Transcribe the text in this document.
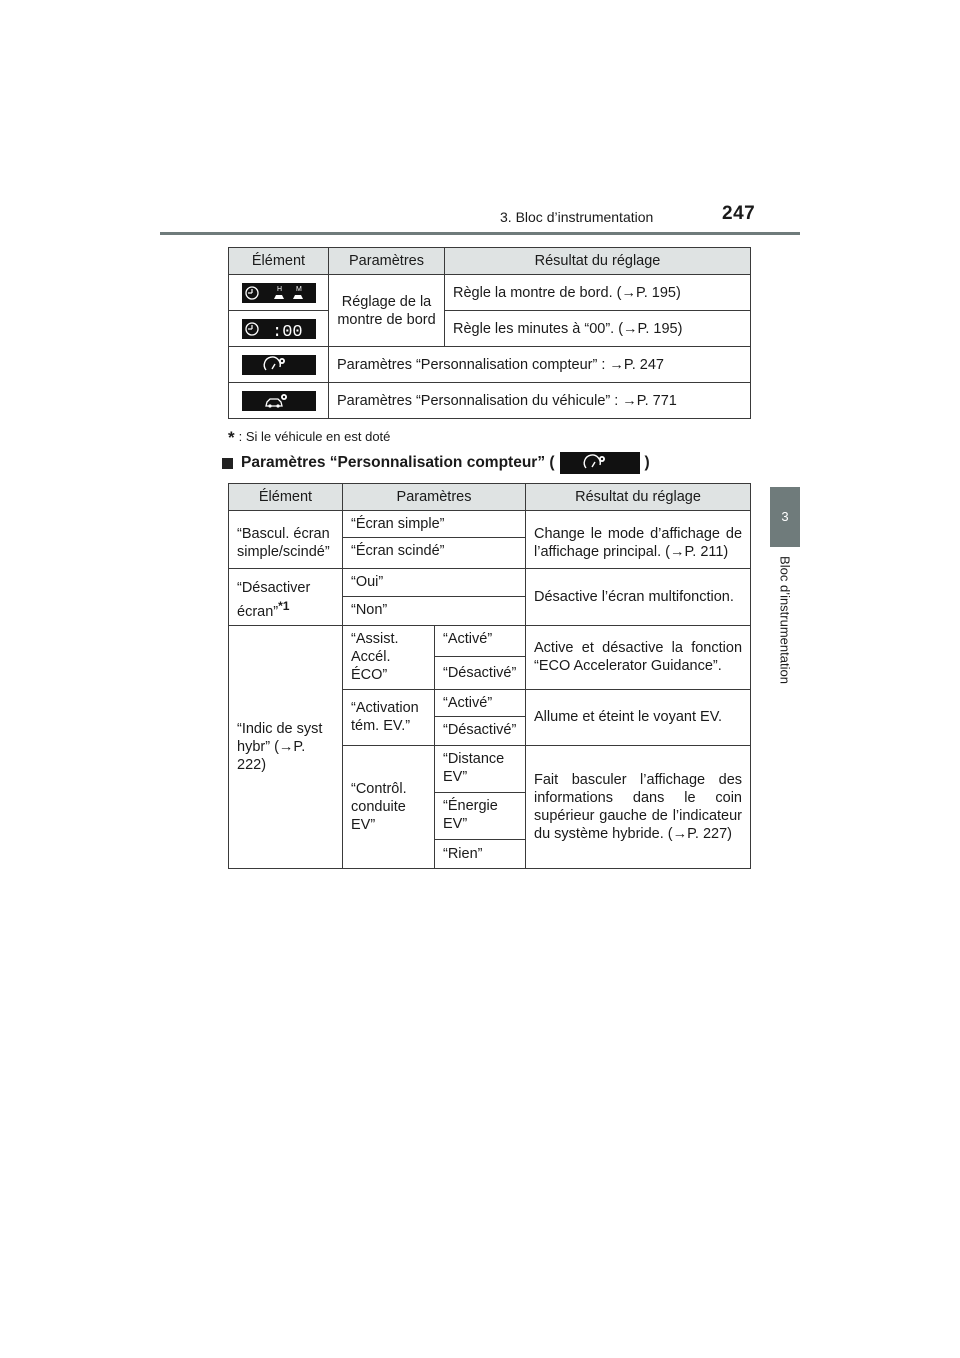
3. Bloc d’instrumentation	247
3
Bloc d’instrumentation
Élément	Paramètres	Résultat du réglage

H M	Réglage de la montre de bord	Règle la montre de bord. (→P. 195)

:00		Règle les minutes à “00”. (→P. 195)

	Paramètres “Personnalisation compteur” : →P. 247	

	Paramètres “Personnalisation du véhicule” : →P. 771	
* : Si le véhicule en est doté
Paramètres “Personnalisation compteur” (	)
Élément	Paramètres		Résultat du réglage
“Bascul. écran simple/scindé”	“Écran simple”		Change le mode d’affichage de l’affichage principal. (→P. 211)
	“Écran scindé”		
“Désactiver écran”$^{*1}$	“Oui”		Désactive l’écran multifonction.
	“Non”		
“Indic de syst hybr” (→P. 222)	“Assist. Accél. ÉCO”	“Activé”	Active et désactive la fonction “ECO Accelerator Guidance”.
		“Désactivé”	
	“Activation tém. EV.”	“Activé”	Allume et éteint le voyant EV.
		“Désactivé”	
	“Contrôl. conduite EV”	“Distance EV”	Fait basculer l’affichage des informations dans le coin supérieur gauche de l’indicateur du système hybride. (→P. 227)
		“Énergie EV”	
		“Rien”	
